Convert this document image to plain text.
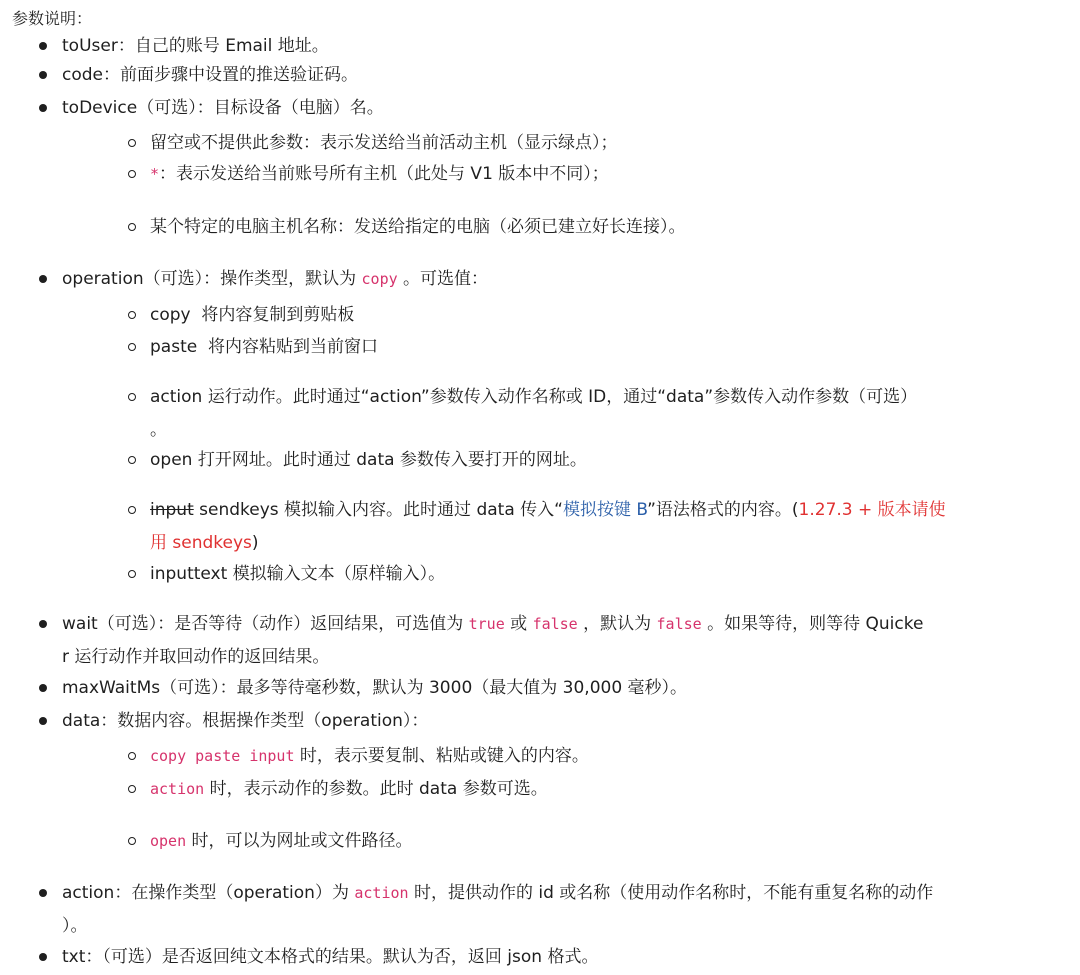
参数说明：
toUser：自己的账号 Email 地址。
code：前面步骤中设置的推送验证码。
toDevice（可选）：目标设备（电脑）名。
留空或不提供此参数：表示发送给当前活动主机（显示绿点）；
*：表示发送给当前账号所有主机（此处与 V1 版本中不同）；
某个特定的电脑主机名称：发送给指定的电脑（必须已建立好长连接）。
operation（可选）：操作类型，默认为 copy 。可选值：
copy  将内容复制到剪贴板
paste  将内容粘贴到当前窗口
action 运行动作。此时通过“action”参数传入动作名称或 ID，通过“data”参数传入动作参数（可选）
。
open 打开网址。此时通过 data 参数传入要打开的网址。
input sendkeys 模拟输入内容。此时通过 data 传入“模拟按键 B”语法格式的内容。(1.27.3 + 版本请使
用 sendkeys)
inputtext 模拟输入文本（原样输入）。
wait（可选）：是否等待（动作）返回结果，可选值为 true 或 false ，默认为 false 。如果等待，则等待 Quicke
r 运行动作并取回动作的返回结果。
maxWaitMs（可选）：最多等待毫秒数，默认为 3000（最大值为 30,000 毫秒）。
data：数据内容。根据操作类型（operation）：
copy paste input 时，表示要复制、粘贴或键入的内容。
action 时，表示动作的参数。此时 data 参数可选。
open 时，可以为网址或文件路径。
action：在操作类型（operation）为 action 时，提供动作的 id 或名称（使用动作名称时，不能有重复名称的动作
）。
txt：（可选）是否返回纯文本格式的结果。默认为否，返回 json 格式。
